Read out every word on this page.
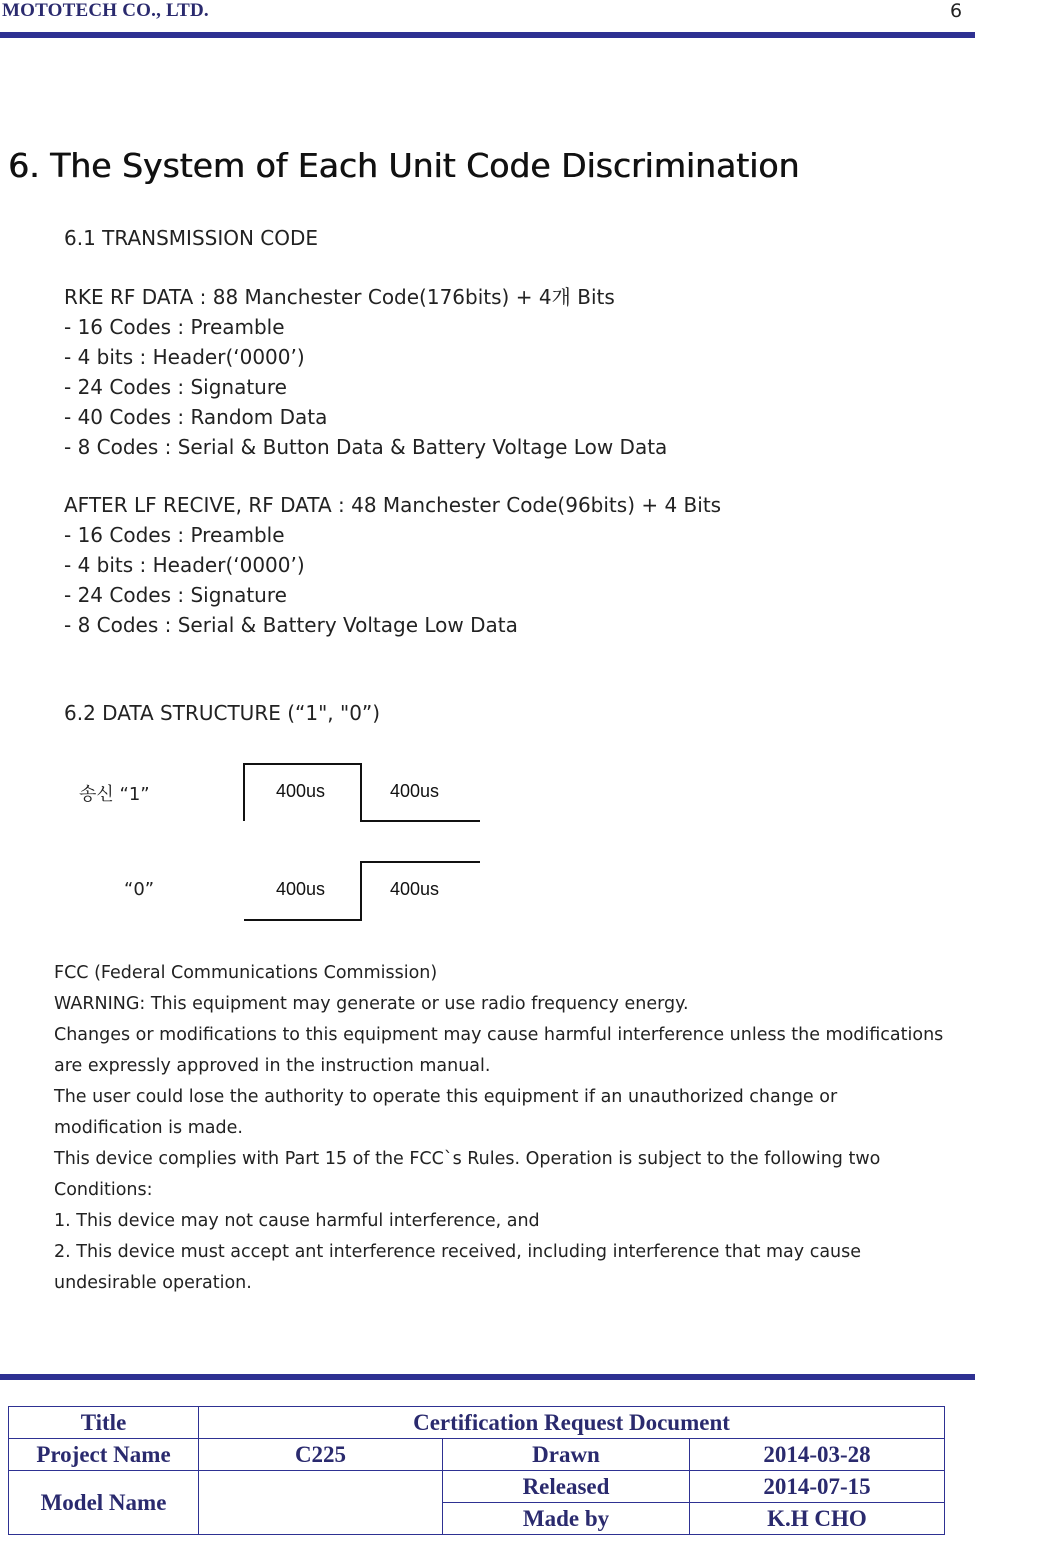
MOTOTECH CO., LTD.	6
6. The System of Each Unit Code Discrimination
6.1 TRANSMISSION CODE
RKE RF DATA : 88 Manchester Code(176bits) + 4개 Bits
- 16 Codes : Preamble
- 4 bits : Header(‘0000’)
- 24 Codes : Signature
- 40 Codes : Random Data
- 8 Codes : Serial & Button Data & Battery Voltage Low Data
AFTER LF RECIVE, RF DATA : 48 Manchester Code(96bits) + 4 Bits
- 16 Codes : Preamble
- 4 bits : Header(‘0000’)
- 24 Codes : Signature
- 8 Codes : Serial & Battery Voltage Low Data
6.2 DATA STRUCTURE (“1", "0”)
송신 “1”	400us	400us
“0”	400us	400us
FCC (Federal Communications Commission)
WARNING: This equipment may generate or use radio frequency energy.
Changes or modifications to this equipment may cause harmful interference unless the modifications
are expressly approved in the instruction manual.
The user could lose the authority to operate this equipment if an unauthorized change or
modification is made.
This device complies with Part 15 of the FCC`s Rules. Operation is subject to the following two
Conditions:
1. This device may not cause harmful interference, and
2. This device must accept ant interference received, including interference that may cause
undesirable operation.
Title	Certification Request Document		
Project Name	C225	Drawn	2014-03-28
Model Name		Released	2014-07-15
		Made by	K.H CHO
